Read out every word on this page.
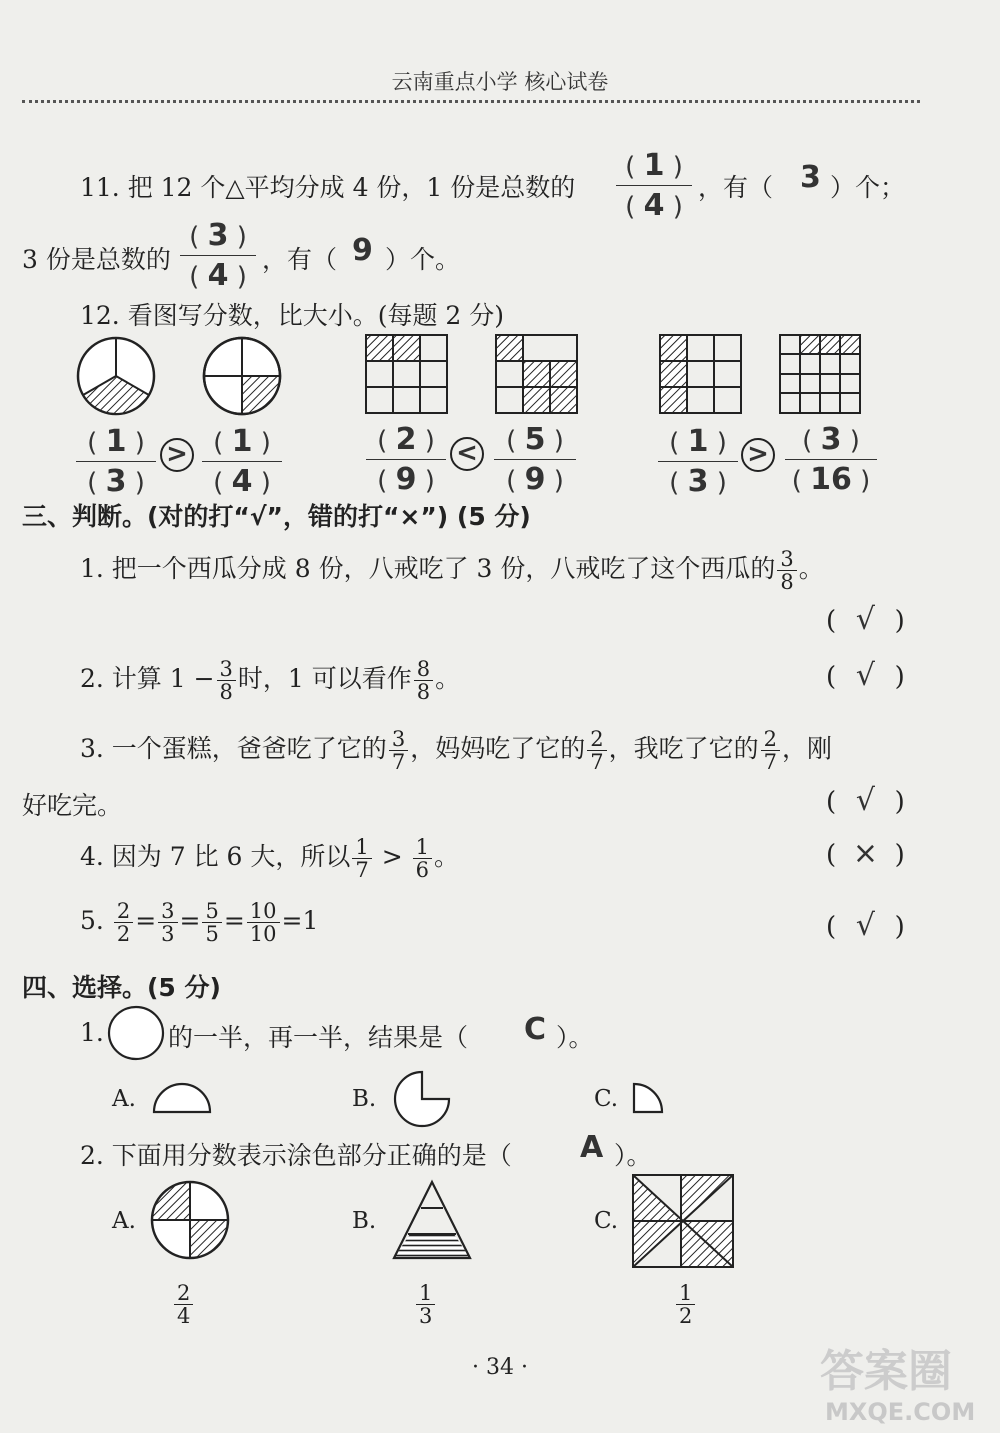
云南重点小学 核心试卷
11. 把 12 个△平均分成 4 份，1 份是总数的
( 1 )
( 4 )
，有（ 3 ）个；
3 份是总数的
( 3 )
( 4 )
，有（ 9 ）个。
12. 看图写分数，比大小。(每题 2 分)
( 1 )
( 3 )
> ( 1 )
( 4 )
( 2 )
( 9 )
<	( 5 )
( 9 )
( 1 )
( 3 )
>	( 3 )
( 16 )
三、判断。(对的打“√”，错的打“×”) (5 分)
1. 把一个西瓜分成 8 份，八戒吃了 3 份，八戒吃了这个西瓜的 $\frac{3}{8}$ 。
( √ )
2. 计算 $1 - \frac{3}{8}$ 时，1 可以看作 $\frac{8}{8}$ 。	( √ )
3. 一个蛋糕，爸爸吃了它的 $\frac{3}{7}$ ，妈妈吃了它的 $\frac{2}{7}$ ，我吃了它的 $\frac{2}{7}$ ，刚
好吃完。	( √ )
4. 因为 7 比 6 大，所以 $\frac{1}{7} > \frac{1}{6}$ 。	( × )
5. $\frac{2}{2} = \frac{3}{3} = \frac{5}{5} = \frac{10}{10} =1$	( √ )
四、选择。(5 分)
1.	的一半，再一半，结果是（ C ）。
A.	B.	C.
2. 下面用分数表示涂色部分正确的是（ A ）。
A.	B.	C.
$\frac{2}{4}$	$\frac{1}{3}$	$\frac{1}{2}$
· 34 ·	答案圈
MXQE.COM
